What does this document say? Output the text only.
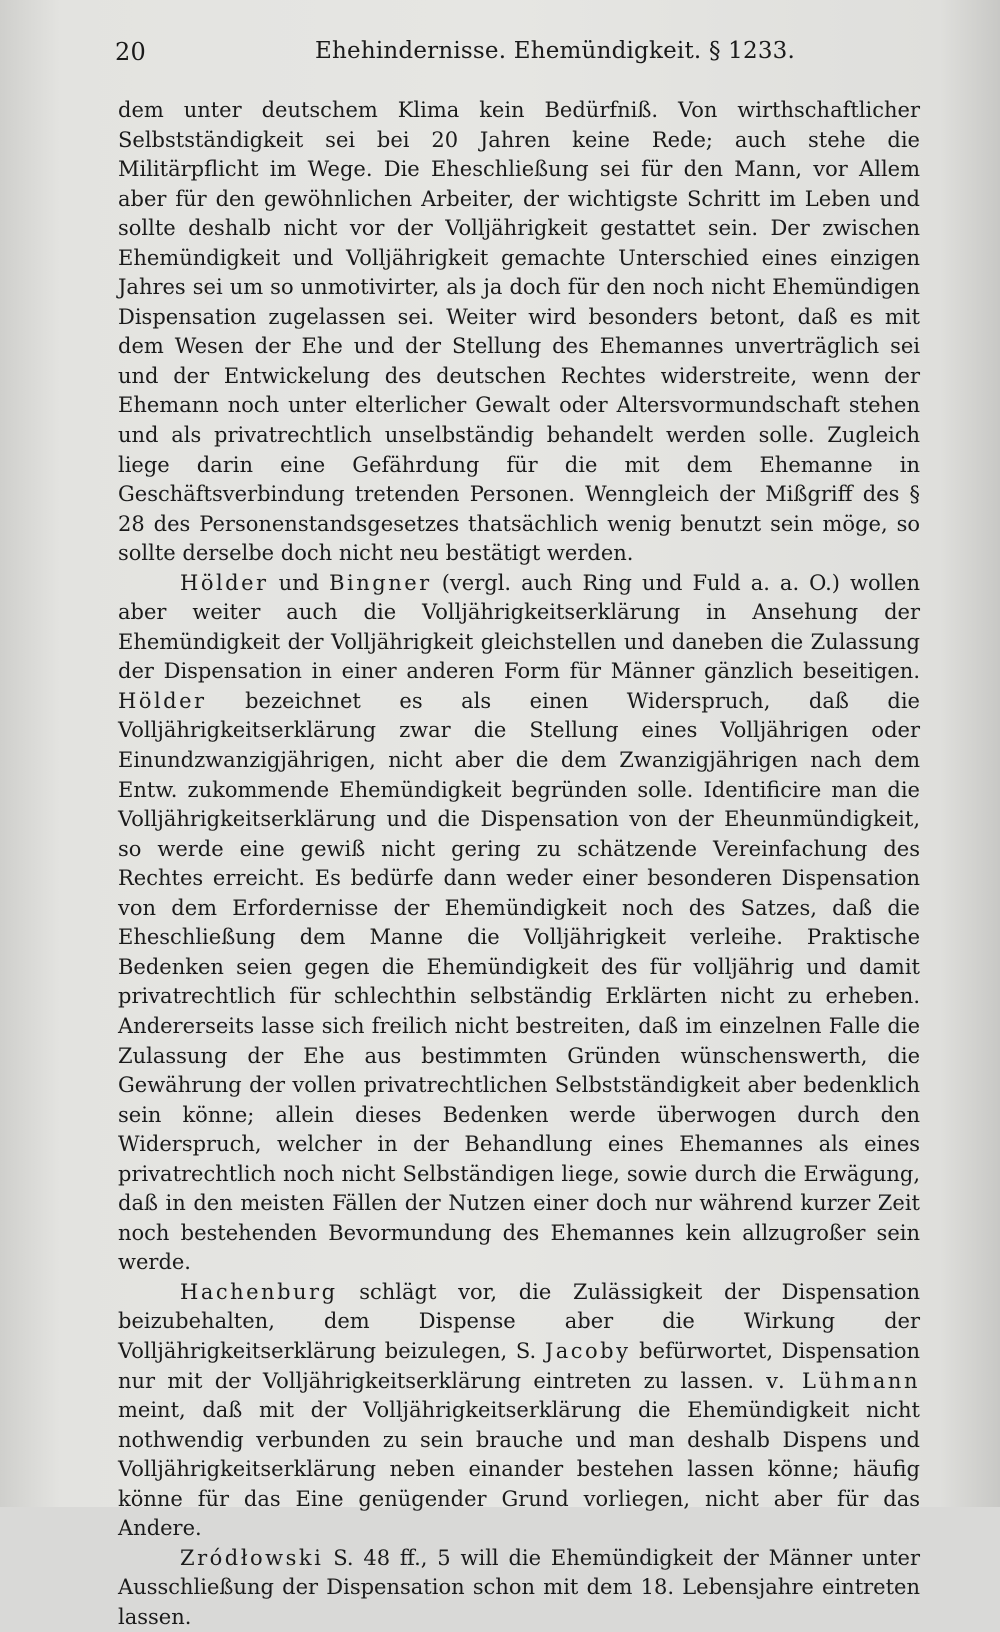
20	Ehehindernisse. Ehemündigkeit. § 1233.

dem unter deutschem Klima kein Bedürfniß. Von wirthschaftlicher Selbstständigkeit sei bei 20 Jahren keine Rede; auch stehe die Militärpflicht im Wege. Die Eheschließung sei für den Mann, vor Allem aber für den gewöhnlichen Arbeiter, der wichtigste Schritt im Leben und sollte deshalb nicht vor der Volljährigkeit gestattet sein. Der zwischen Ehemündigkeit und Volljährigkeit gemachte Unterschied eines einzigen Jahres sei um so unmotivirter, als ja doch für den noch nicht Ehemündigen Dispensation zugelassen sei. Weiter wird besonders betont, daß es mit dem Wesen der Ehe und der Stellung des Ehemannes unverträglich sei und der Entwickelung des deutschen Rechtes widerstreite, wenn der Ehemann noch unter elterlicher Gewalt oder Altersvormundschaft stehen und als privatrechtlich unselbständig behandelt werden solle. Zugleich liege darin eine Gefährdung für die mit dem Ehemanne in Geschäftsverbindung tretenden Personen. Wenngleich der Mißgriff des § 28 des Personenstandsgesetzes thatsächlich wenig benutzt sein möge, so sollte derselbe doch nicht neu bestätigt werden.

Hölder und Bingner (vergl. auch Ring und Fuld a. a. O.) wollen aber weiter auch die Volljährigkeitserklärung in Ansehung der Ehemündigkeit der Volljährigkeit gleichstellen und daneben die Zulassung der Dispensation in einer anderen Form für Männer gänzlich beseitigen. Hölder bezeichnet es als einen Widerspruch, daß die Volljährigkeitserklärung zwar die Stellung eines Volljährigen oder Einundzwanzigjährigen, nicht aber die dem Zwanzigjährigen nach dem Entw. zukommende Ehemündigkeit begründen solle. Identificire man die Volljährigkeitserklärung und die Dispensation von der Eheunmündigkeit, so werde eine gewiß nicht gering zu schätzende Vereinfachung des Rechtes erreicht. Es bedürfe dann weder einer besonderen Dispensation von dem Erfordernisse der Ehemündigkeit noch des Satzes, daß die Eheschließung dem Manne die Volljährigkeit verleihe. Praktische Bedenken seien gegen die Ehemündigkeit des für volljährig und damit privatrechtlich für schlechthin selbständig Erklärten nicht zu erheben. Andererseits lasse sich freilich nicht bestreiten, daß im einzelnen Falle die Zulassung der Ehe aus bestimmten Gründen wünschenswerth, die Gewährung der vollen privatrechtlichen Selbstständigkeit aber bedenklich sein könne; allein dieses Bedenken werde überwogen durch den Widerspruch, welcher in der Behandlung eines Ehemannes als eines privatrechtlich noch nicht Selbständigen liege, sowie durch die Erwägung, daß in den meisten Fällen der Nutzen einer doch nur während kurzer Zeit noch bestehenden Bevormundung des Ehemannes kein allzugroßer sein werde.

Hachenburg schlägt vor, die Zulässigkeit der Dispensation beizubehalten, dem Dispense aber die Wirkung der Volljährigkeitserklärung beizulegen, S. Jacoby befürwortet, Dispensation nur mit der Volljährigkeitserklärung eintreten zu lassen. v. Lühmann meint, daß mit der Volljährigkeitserklärung die Ehemündigkeit nicht nothwendig verbunden zu sein brauche und man deshalb Dispens und Volljährigkeitserklärung neben einander bestehen lassen könne; häufig könne für das Eine genügender Grund vorliegen, nicht aber für das Andere.

Zródłowski S. 48 ff., 5 will die Ehemündigkeit der Männer unter Ausschließung der Dispensation schon mit dem 18. Lebensjahre eintreten lassen.
